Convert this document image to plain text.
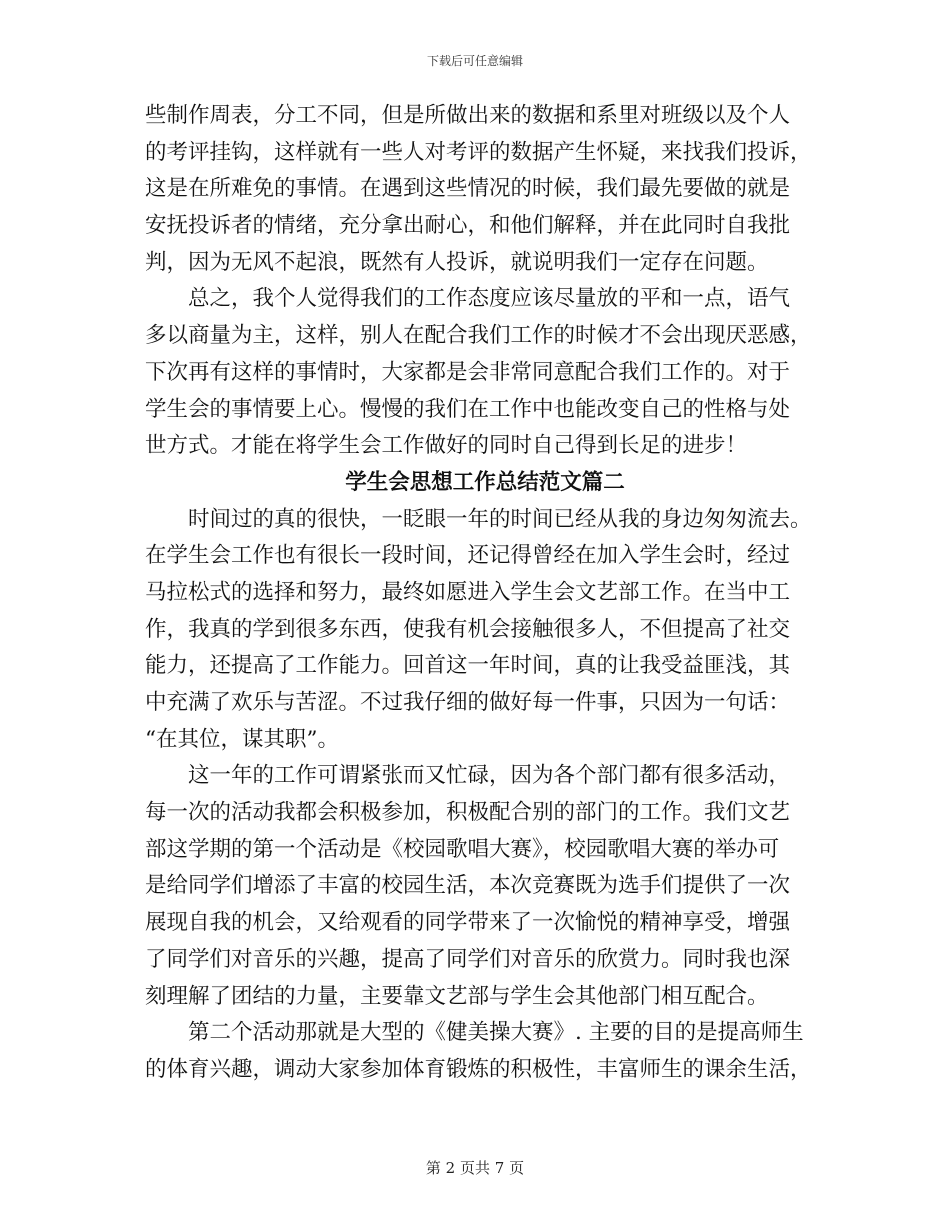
下载后可任意编辑
些制作周表，分工不同，但是所做出来的数据和系里对班级以及个人
的考评挂钩，这样就有一些人对考评的数据产生怀疑，来找我们投诉，
这是在所难免的事情。在遇到这些情况的时候，我们最先要做的就是
安抚投诉者的情绪，充分拿出耐心，和他们解释，并在此同时自我批
判，因为无风不起浪，既然有人投诉，就说明我们一定存在问题。
总之，我个人觉得我们的工作态度应该尽量放的平和一点，语气
多以商量为主，这样，别人在配合我们工作的时候才不会出现厌恶感，
下次再有这样的事情时，大家都是会非常同意配合我们工作的。对于
学生会的事情要上心。慢慢的我们在工作中也能改变自己的性格与处
世方式。才能在将学生会工作做好的同时自己得到长足的进步！
学生会思想工作总结范文篇二
时间过的真的很快，一眨眼一年的时间已经从我的身边匆匆流去。
在学生会工作也有很长一段时间，还记得曾经在加入学生会时，经过
马拉松式的选择和努力，最终如愿进入学生会文艺部工作。在当中工
作，我真的学到很多东西，使我有机会接触很多人，不但提高了社交
能力，还提高了工作能力。回首这一年时间，真的让我受益匪浅，其
中充满了欢乐与苦涩。不过我仔细的做好每一件事，只因为一句话：
“在其位，谋其职”。
这一年的工作可谓紧张而又忙碌，因为各个部门都有很多活动，
每一次的活动我都会积极参加，积极配合别的部门的工作。我们文艺
部这学期的第一个活动是《校园歌唱大赛》，校园歌唱大赛的举办可
是给同学们增添了丰富的校园生活，本次竞赛既为选手们提供了一次
展现自我的机会，又给观看的同学带来了一次愉悦的精神享受，增强
了同学们对音乐的兴趣，提高了同学们对音乐的欣赏力。同时我也深
刻理解了团结的力量，主要靠文艺部与学生会其他部门相互配合。
第二个活动那就是大型的《健美操大赛》. 主要的目的是提高师生
的体育兴趣，调动大家参加体育锻炼的积极性，丰富师生的课余生活，
第 2 页共 7 页
